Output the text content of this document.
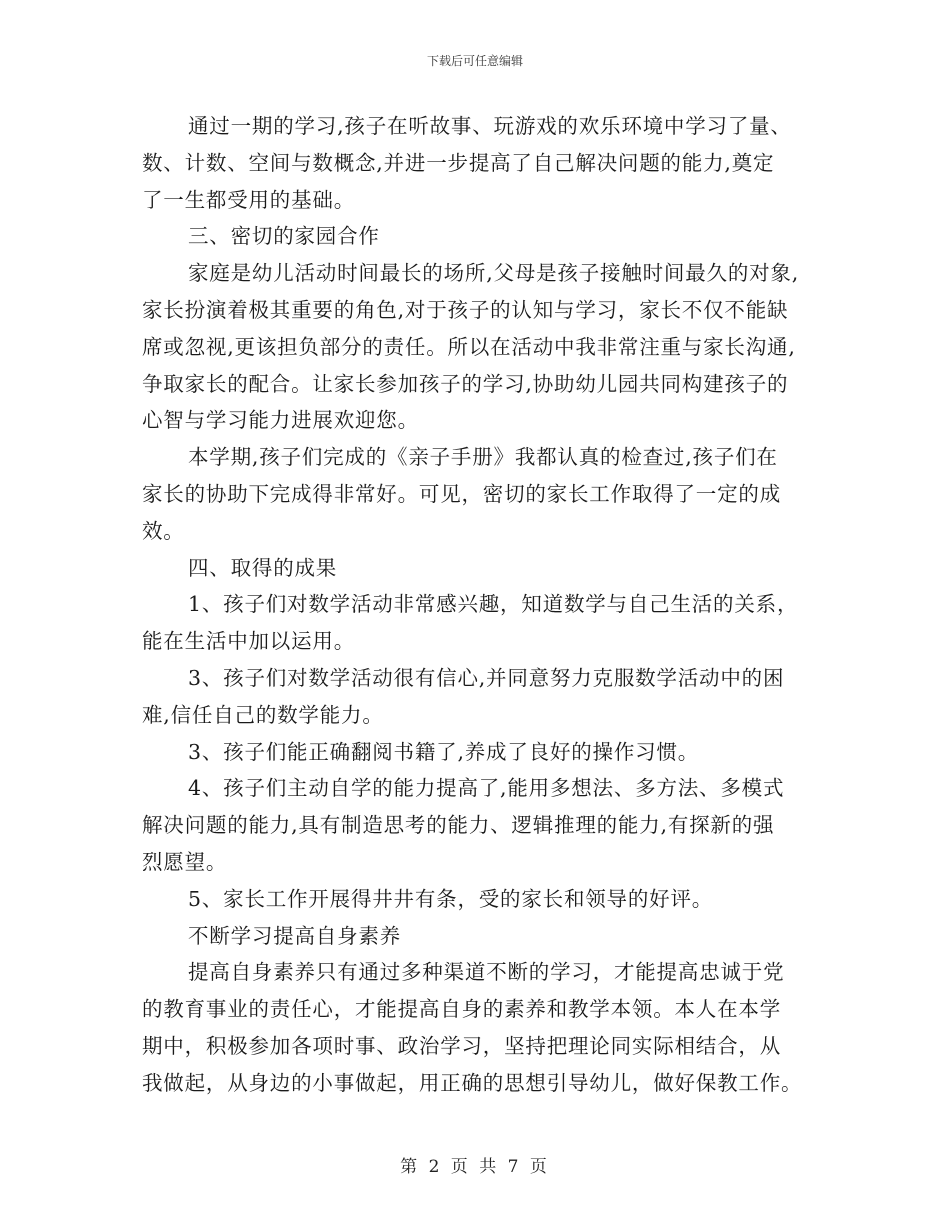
下载后可任意编辑
通过一期的学习,孩子在听故事、玩游戏的欢乐环境中学习了量、
数、计数、空间与数概念,并进一步提高了自己解决问题的能力,奠定
了一生都受用的基础。
三、密切的家园合作
家庭是幼儿活动时间最长的场所,父母是孩子接触时间最久的对象,
家长扮演着极其重要的角色,对于孩子的认知与学习，家长不仅不能缺
席或忽视,更该担负部分的责任。所以在活动中我非常注重与家长沟通,
争取家长的配合。让家长参加孩子的学习,协助幼儿园共同构建孩子的
心智与学习能力进展欢迎您。
本学期,孩子们完成的《亲子手册》我都认真的检查过,孩子们在
家长的协助下完成得非常好。可见，密切的家长工作取得了一定的成
效。
四、取得的成果
1、孩子们对数学活动非常感兴趣，知道数学与自己生活的关系，
能在生活中加以运用。
3、孩子们对数学活动很有信心,并同意努力克服数学活动中的困
难,信任自己的数学能力。
3、孩子们能正确翻阅书籍了,养成了良好的操作习惯。
4、孩子们主动自学的能力提高了,能用多想法、多方法、多模式
解决问题的能力,具有制造思考的能力、逻辑推理的能力,有探新的强
烈愿望。
5、家长工作开展得井井有条，受的家长和领导的好评。
不断学习提高自身素养
提高自身素养只有通过多种渠道不断的学习，才能提高忠诚于党
的教育事业的责任心，才能提高自身的素养和教学本领。本人在本学
期中，积极参加各项时事、政治学习，坚持把理论同实际相结合，从
我做起，从身边的小事做起，用正确的思想引导幼儿，做好保教工作。
第 2 页 共 7 页
